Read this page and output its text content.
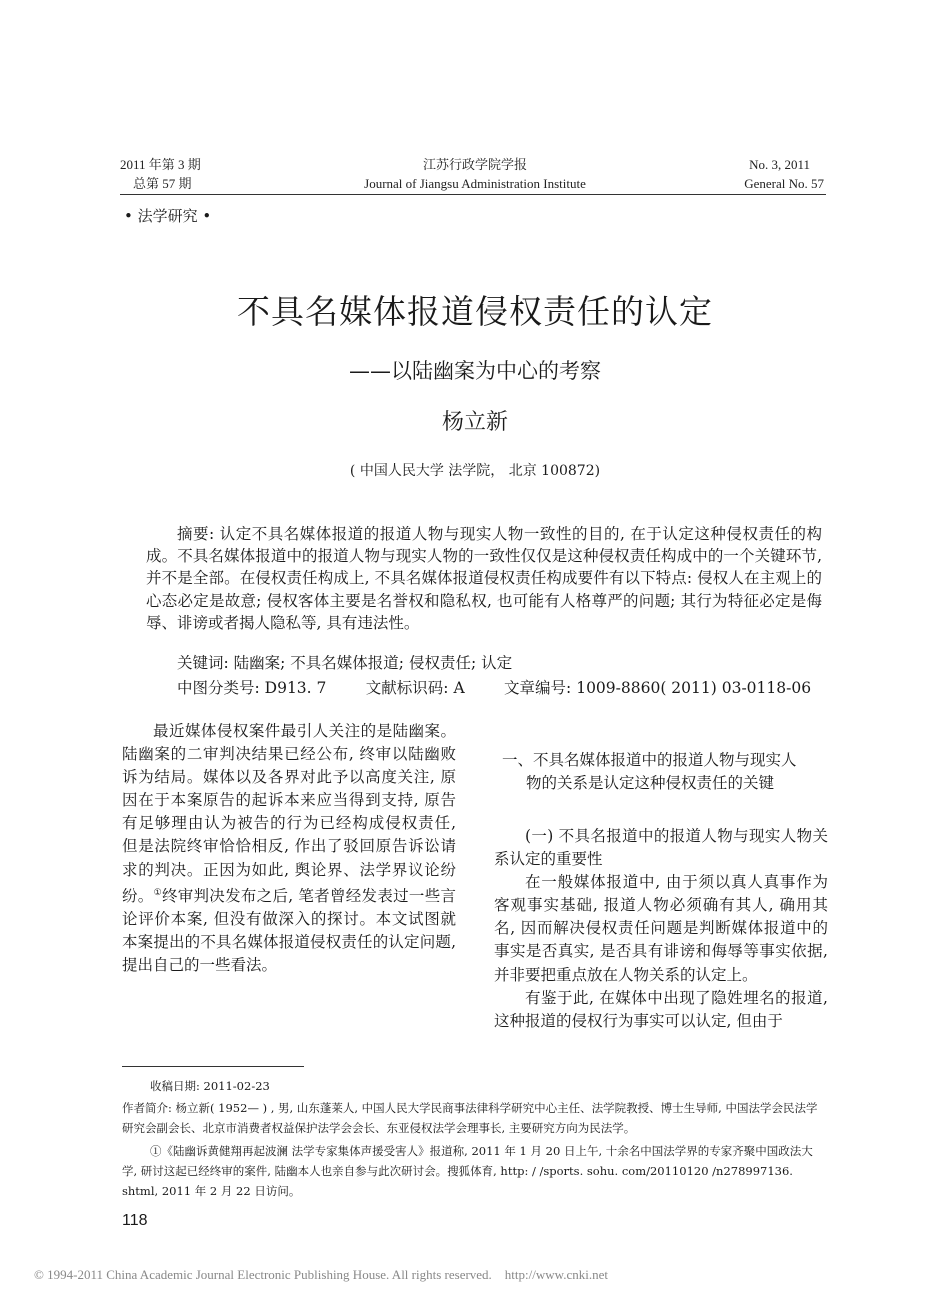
2011 年第 3 期
总第 57 期
江苏行政学院学报
Journal of Jiangsu Administration Institute
No. 3, 2011
General No. 57
• 法学研究 •
不具名媒体报道侵权责任的认定
——以陆幽案为中心的考察
杨立新
( 中国人民大学 法学院， 北京 100872)

摘要: 认定不具名媒体报道的报道人物与现实人物一致性的目的, 在于认定这种侵权责任的构成。不具名媒体报道中的报道人物与现实人物的一致性仅仅是这种侵权责任构成中的一个关键环节, 并不是全部。在侵权责任构成上, 不具名媒体报道侵权责任构成要件有以下特点: 侵权人在主观上的心态必定是故意; 侵权客体主要是名誉权和隐私权, 也可能有人格尊严的问题; 其行为特征必定是侮辱、诽谤或者揭人隐私等, 具有违法性。

关键词: 陆幽案; 不具名媒体报道; 侵权责任; 认定
中图分类号: D913. 7        文献标识码: A        文章编号: 1009-8860( 2011) 03-0118-06

最近媒体侵权案件最引人关注的是陆幽案。陆幽案的二审判决结果已经公布, 终审以陆幽败诉为结局。媒体以及各界对此予以高度关注, 原因在于本案原告的起诉本来应当得到支持, 原告有足够理由认为被告的行为已经构成侵权责任, 但是法院终审恰恰相反, 作出了驳回原告诉讼请求的判决。正因为如此, 舆论界、法学界议论纷纷。①终审判决发布之后, 笔者曾经发表过一些言论评价本案, 但没有做深入的探讨。本文试图就本案提出的不具名媒体报道侵权责任的认定问题, 提出自己的一些看法。

一、不具名媒体报道中的报道人物与现实人
物的关系是认定这种侵权责任的关键

(一) 不具名报道中的报道人物与现实人物关系认定的重要性

在一般媒体报道中, 由于须以真人真事作为客观事实基础, 报道人物必须确有其人, 确用其名, 因而解决侵权责任问题是判断媒体报道中的事实是否真实, 是否具有诽谤和侮辱等事实依据, 并非要把重点放在人物关系的认定上。

有鉴于此, 在媒体中出现了隐姓埋名的报道, 这种报道的侵权行为事实可以认定, 但由于

收稿日期: 2011-02-23
作者简介: 杨立新( 1952— ) , 男, 山东蓬莱人, 中国人民大学民商事法律科学研究中心主任、法学院教授、博士生导师, 中国法学会民法学研究会副会长、北京市消费者权益保护法学会会长、东亚侵权法学会理事长, 主要研究方向为民法学。
①《陆幽诉黄健翔再起波澜 法学专家集体声援受害人》报道称, 2011 年 1 月 20 日上午, 十余名中国法学界的专家齐聚中国政法大学, 研讨这起已经终审的案件, 陆幽本人也亲自参与此次研讨会。搜狐体育, http: / /sports. sohu. com/20110120 /n278997136. shtml, 2011 年 2 月 22 日访问。
118
© 1994-2011 China Academic Journal Electronic Publishing House. All rights reserved.    http://www.cnki.net
